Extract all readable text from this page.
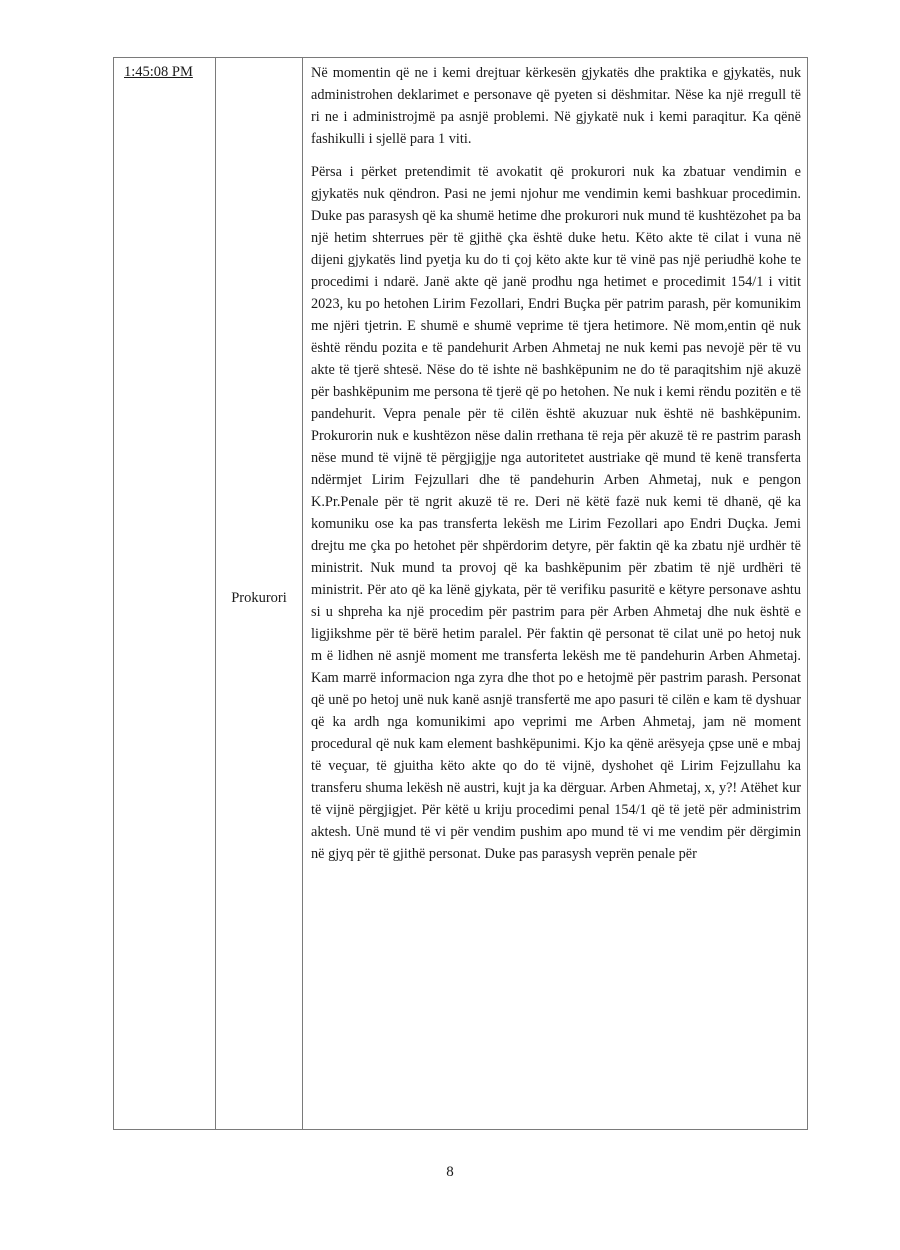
1:45:08 PM
Prokurori

Në momentin që ne i kemi drejtuar kërkesën gjykatës dhe praktika e gjykatës, nuk administrohen deklarimet e personave që pyeten si dëshmitar. Nëse ka një rregull të ri ne i administrojmë pa asnjë problemi. Në gjykatë nuk i kemi paraqitur. Ka qënë fashikulli i sjellë para 1 viti.

Përsa i përket pretendimit të avokatit që prokurori nuk ka zbatuar vendimin e gjykatës nuk qëndron. Pasi ne jemi njohur me vendimin kemi bashkuar procedimin. Duke pas parasysh që ka shumë hetime dhe prokurori nuk mund të kushtëzohet pa ba një hetim shterrues për të gjithë çka është duke hetu. Këto akte të cilat i vuna në dijeni gjykatës lind pyetja ku do ti çoj këto akte kur të vinë pas një periudhë kohe te procedimi i ndarë. Janë akte që janë prodhu nga hetimet e procedimit 154/1 i vitit 2023, ku po hetohen Lirim Fezollari, Endri Buçka për patrim parash, për komunikim me njëri tjetrin. E shumë e shumë veprime të tjera hetimore. Në mom,entin që nuk është rëndu pozita e të pandehurit Arben Ahmetaj ne nuk kemi pas nevojë për të vu akte të tjerë shtesë. Nëse do të ishte në bashkëpunim ne do të paraqitshim një akuzë për bashkëpunim me persona të tjerë që po hetohen. Ne nuk i kemi rëndu pozitën e të pandehurit. Vepra penale për të cilën është akuzuar nuk është në bashkëpunim. Prokurorin nuk e kushtëzon nëse dalin rrethana të reja për akuzë të re pastrim parash nëse mund të vijnë të përgjigjje nga autoritetet austriake që mund të kenë transferta ndërmjet Lirim Fejzullari dhe të pandehurin Arben Ahmetaj, nuk e pengon K.Pr.Penale për të ngrit akuzë të re. Deri në këtë fazë nuk kemi të dhanë, që ka komuniku ose ka pas transferta lekësh me Lirim Fezollari apo Endri Duçka. Jemi drejtu me çka po hetohet për shpërdorim detyre, për faktin që ka zbatu një urdhër të ministrit. Nuk mund ta provoj që ka bashkëpunim për zbatim të një urdhëri të ministrit. Për ato që ka lënë gjykata, për të verifiku pasuritë e këtyre personave ashtu si u shpreha ka një procedim për pastrim para për Arben Ahmetaj dhe nuk është e ligjikshme për të bërë hetim paralel. Për faktin që personat të cilat unë po hetoj nuk m ë lidhen në asnjë moment me transferta lekësh me të pandehurin Arben Ahmetaj. Kam marrë informacion nga zyra dhe thot po e hetojmë për pastrim parash. Personat që unë po hetoj unë nuk kanë asnjë transfertë me apo pasuri të cilën e kam të dyshuar që ka ardh nga komunikimi apo veprimi me Arben Ahmetaj, jam në moment procedural që nuk kam element bashkëpunimi. Kjo ka qënë arësyeja çpse unë e mbaj të veçuar, të gjuitha këto akte qo do të vijnë, dyshohet që Lirim Fejzullahu ka transferu shuma lekësh në austri, kujt ja ka dërguar. Arben Ahmetaj, x, y?! Atëhet kur të vijnë përgjigjet. Për këtë u kriju procedimi penal 154/1 që të jetë për administrim aktesh. Unë mund të vi për vendim pushim apo mund të vi me vendim për dërgimin në gjyq për të gjithë personat. Duke pas parasysh veprën penale për

8
